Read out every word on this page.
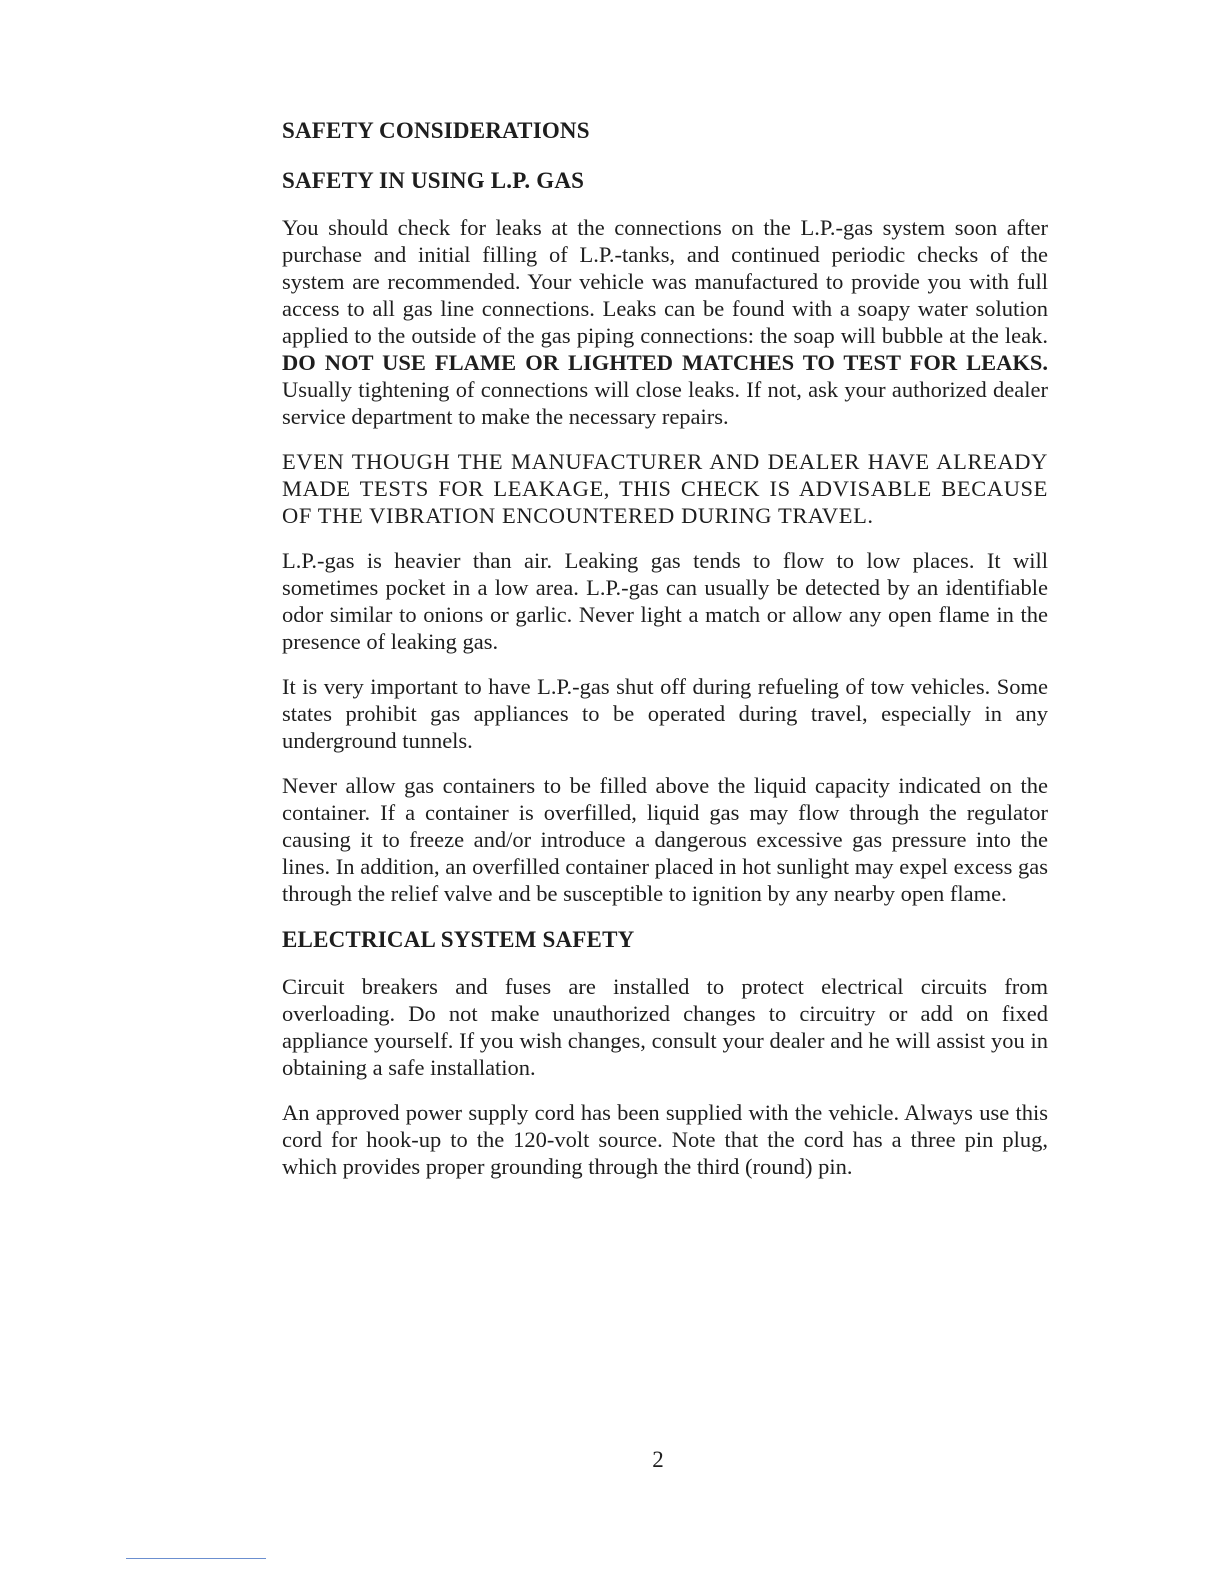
SAFETY CONSIDERATIONS
SAFETY IN USING L.P. GAS

You should check for leaks at the connections on the L.P.-gas system soon after purchase and initial filling of L.P.-tanks, and continued periodic checks of the system are recommended. Your vehicle was manufactured to provide you with full access to all gas line connections. Leaks can be found with a soapy water solution applied to the outside of the gas piping connections: the soap will bubble at the leak. DO NOT USE FLAME OR LIGHTED MATCHES TO TEST FOR LEAKS. Usually tightening of connections will close leaks. If not, ask your authorized dealer service department to make the necessary repairs.

EVEN THOUGH THE MANUFACTURER AND DEALER HAVE ALREADY MADE TESTS FOR LEAKAGE, THIS CHECK IS ADVISABLE BECAUSE OF THE VIBRATION ENCOUNTERED DURING TRAVEL.

L.P.-gas is heavier than air. Leaking gas tends to flow to low places. It will sometimes pocket in a low area. L.P.-gas can usually be detected by an identifiable odor similar to onions or garlic. Never light a match or allow any open flame in the presence of leaking gas.

It is very important to have L.P.-gas shut off during refueling of tow vehicles. Some states prohibit gas appliances to be operated during travel, especially in any underground tunnels.

Never allow gas containers to be filled above the liquid capacity indicated on the container. If a container is overfilled, liquid gas may flow through the regulator causing it to freeze and/or introduce a dangerous excessive gas pressure into the lines. In addition, an overfilled container placed in hot sunlight may expel excess gas through the relief valve and be susceptible to ignition by any nearby open flame.

ELECTRICAL SYSTEM SAFETY

Circuit breakers and fuses are installed to protect electrical circuits from overloading. Do not make unauthorized changes to circuitry or add on fixed appliance yourself. If you wish changes, consult your dealer and he will assist you in obtaining a safe installation.

An approved power supply cord has been supplied with the vehicle. Always use this cord for hook-up to the 120-volt source. Note that the cord has a three pin plug, which provides proper grounding through the third (round) pin.

2
